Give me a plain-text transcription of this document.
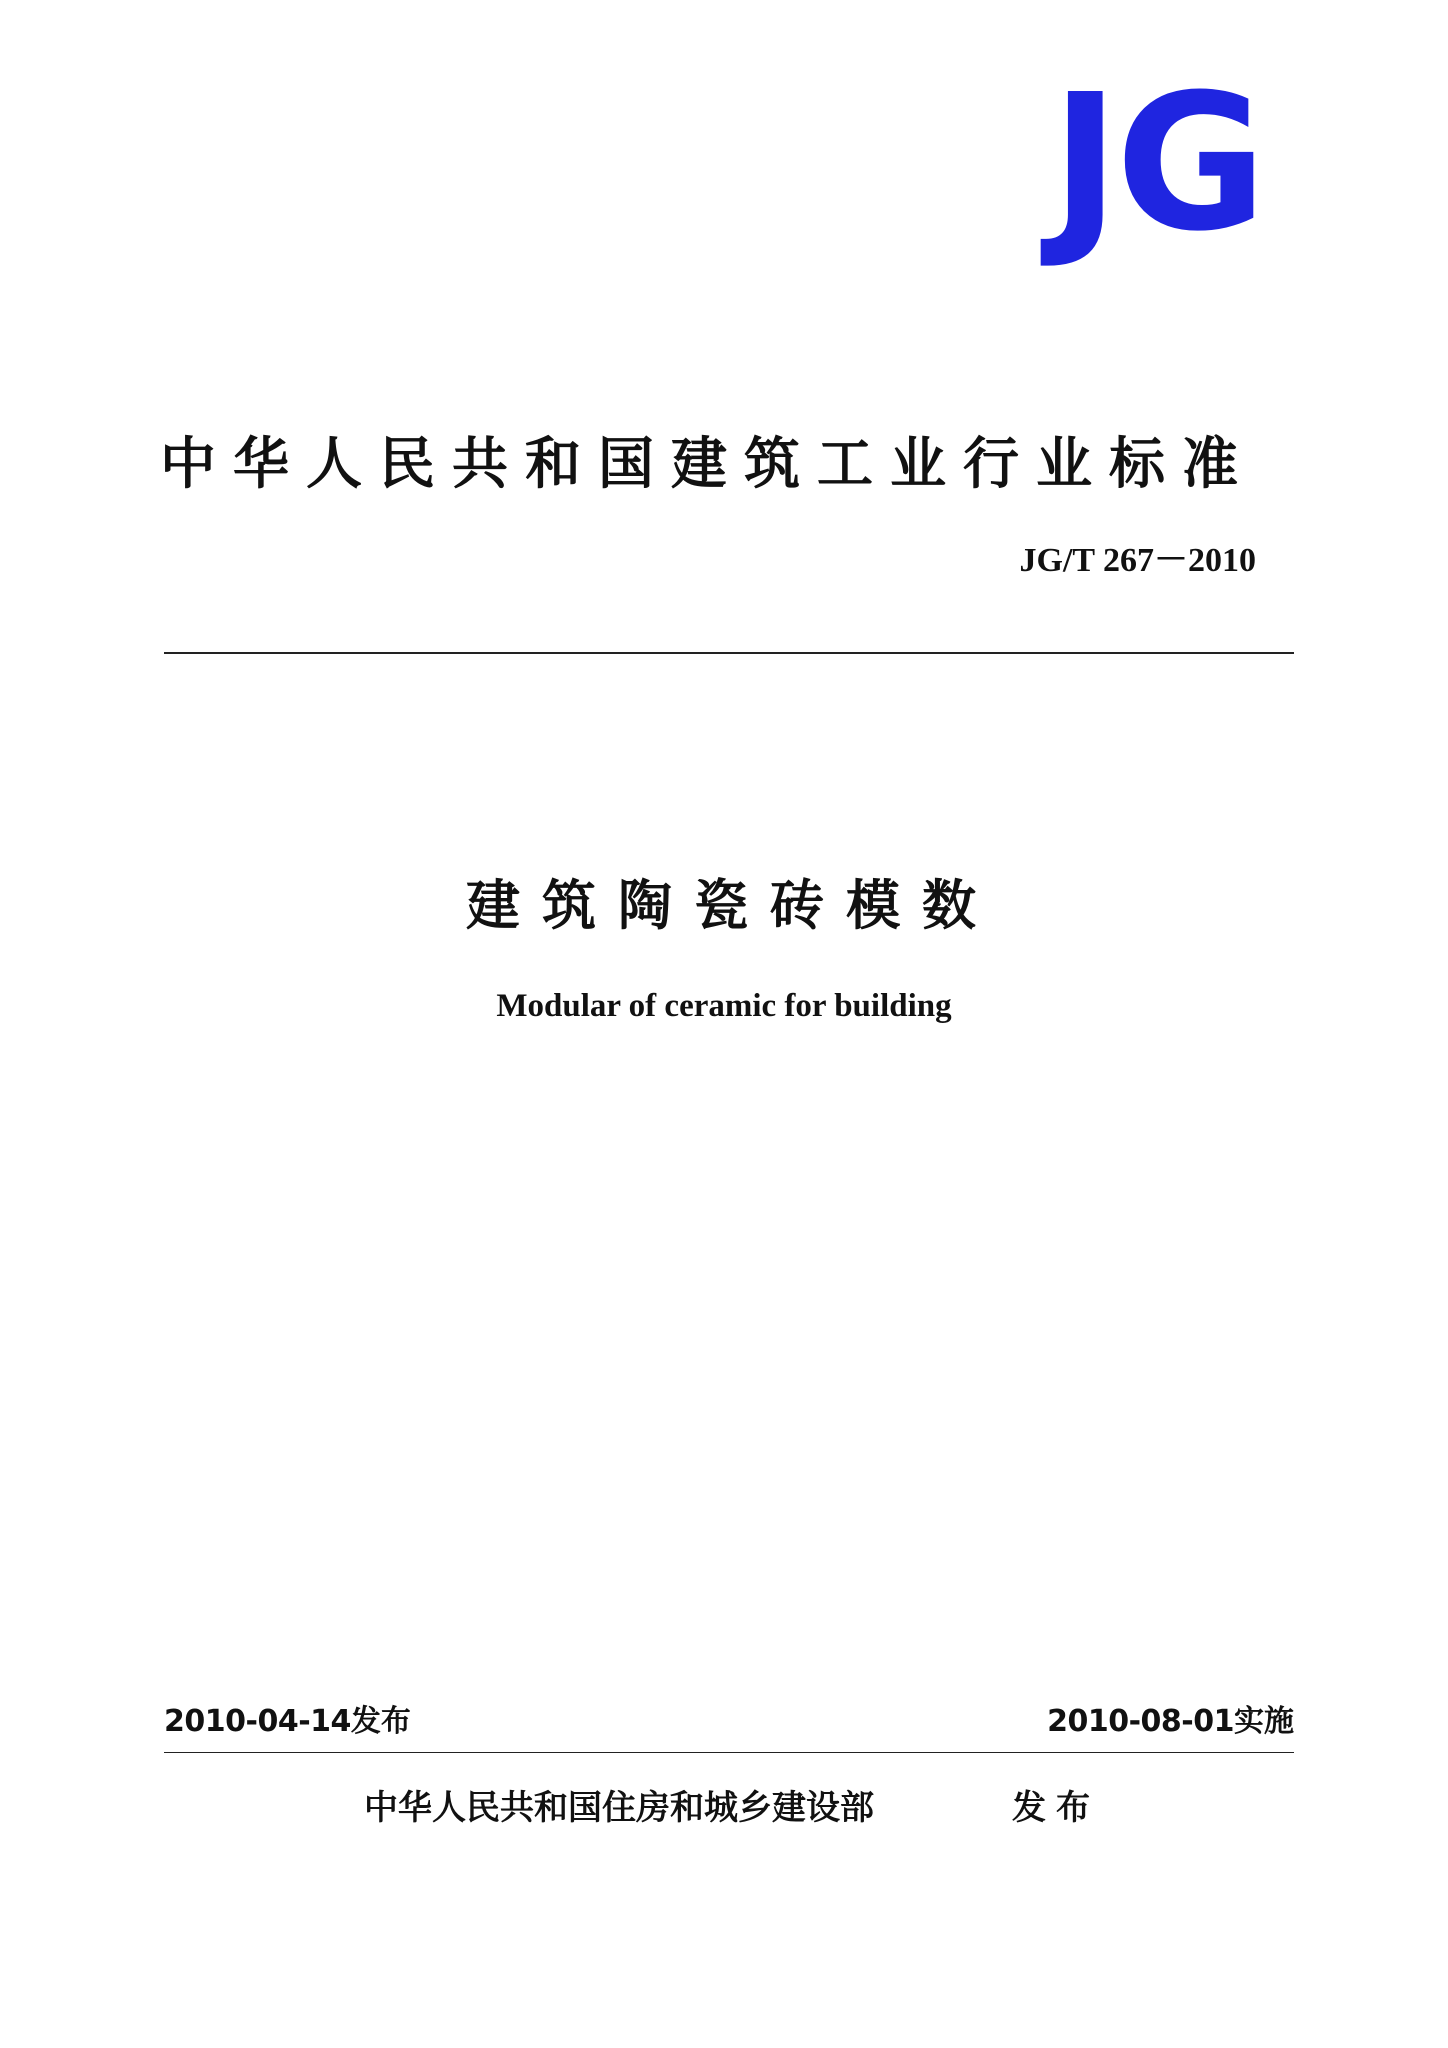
JG
中华人民共和国建筑工业行业标准
JG/T 267－2010
建筑陶瓷砖模数
Modular of ceramic for building
2010-04-14发布	2010-08-01实施
中华人民共和国住房和城乡建设部	发布
